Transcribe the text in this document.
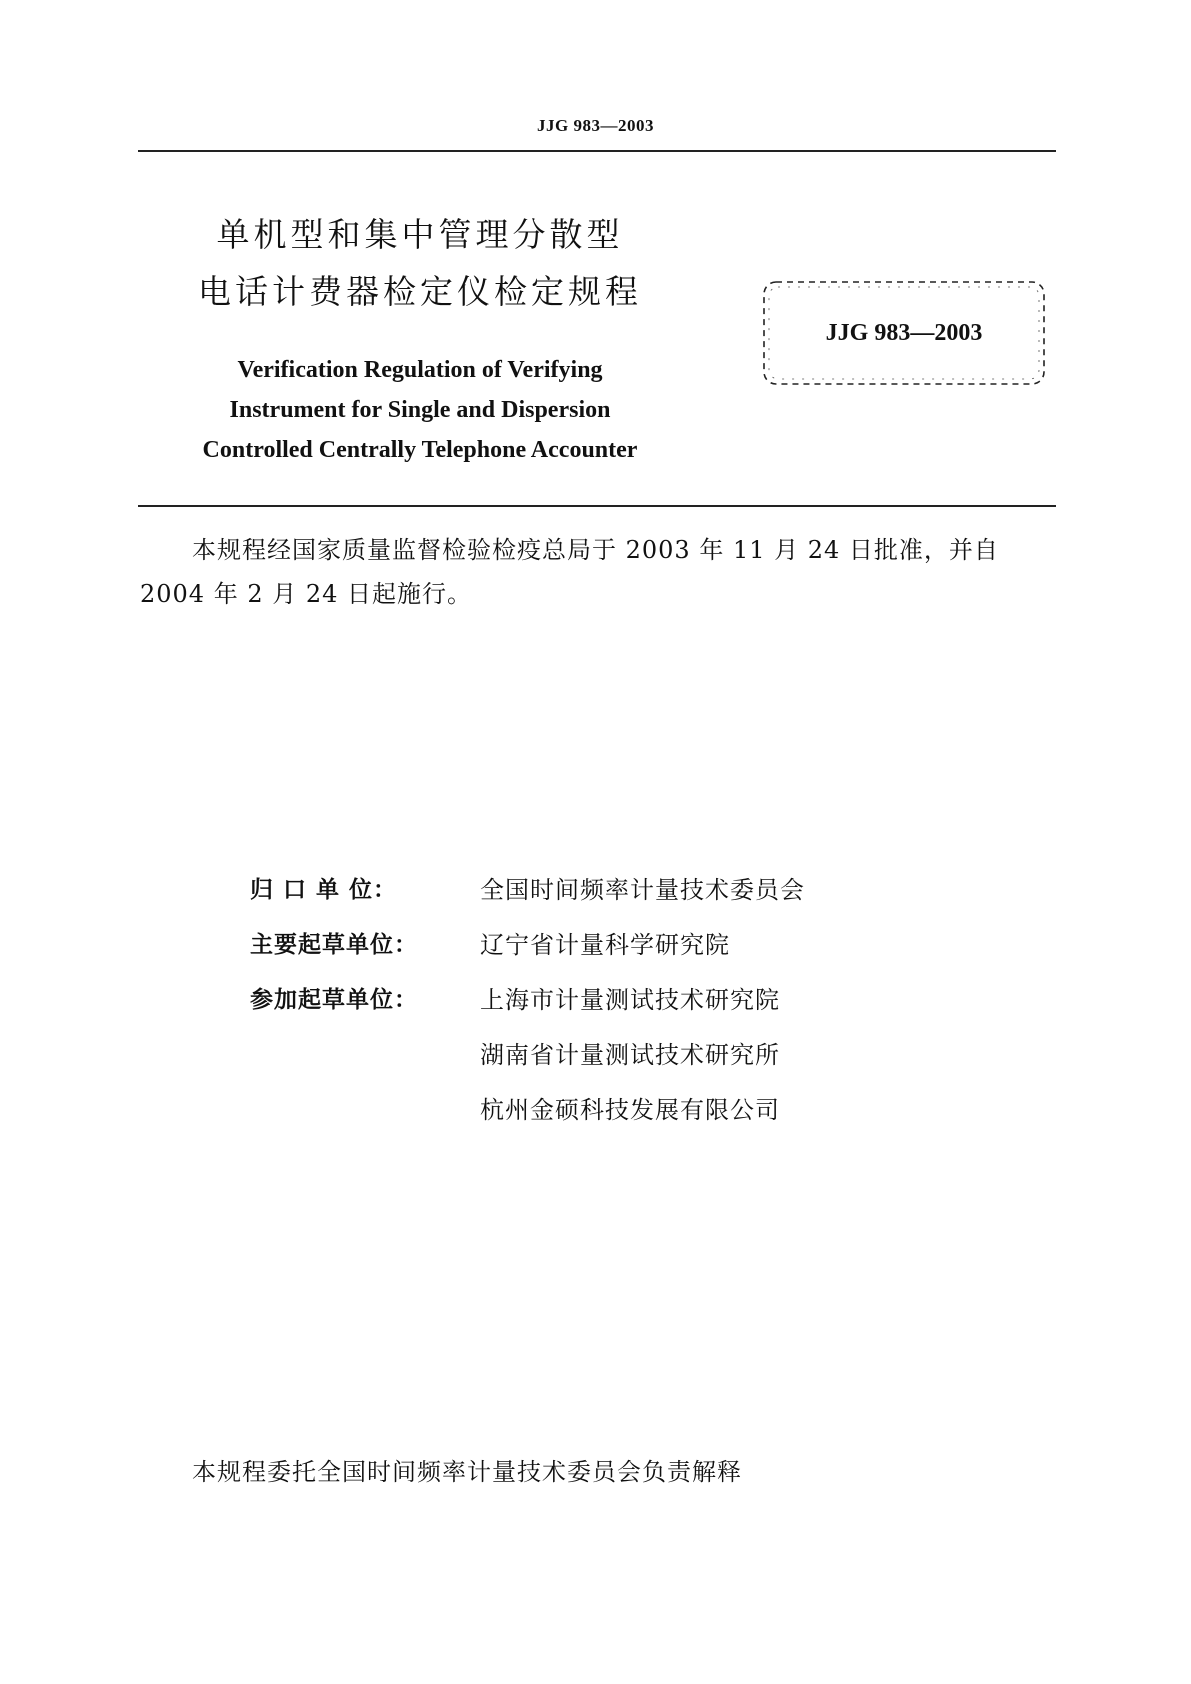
JJG 983—2003
单机型和集中管理分散型
电话计费器检定仪检定规程
Verification Regulation of Verifying
Instrument for Single and Dispersion
Controlled Centrally Telephone Accounter
JJG 983—2003
本规程经国家质量监督检验检疫总局于 2003 年 11 月 24 日批准，并自
2004 年 2 月 24 日起施行。
归 口 单 位：	全国时间频率计量技术委员会
主要起草单位：	辽宁省计量科学研究院
参加起草单位：	上海市计量测试技术研究院
湖南省计量测试技术研究所
杭州金硕科技发展有限公司
本规程委托全国时间频率计量技术委员会负责解释
